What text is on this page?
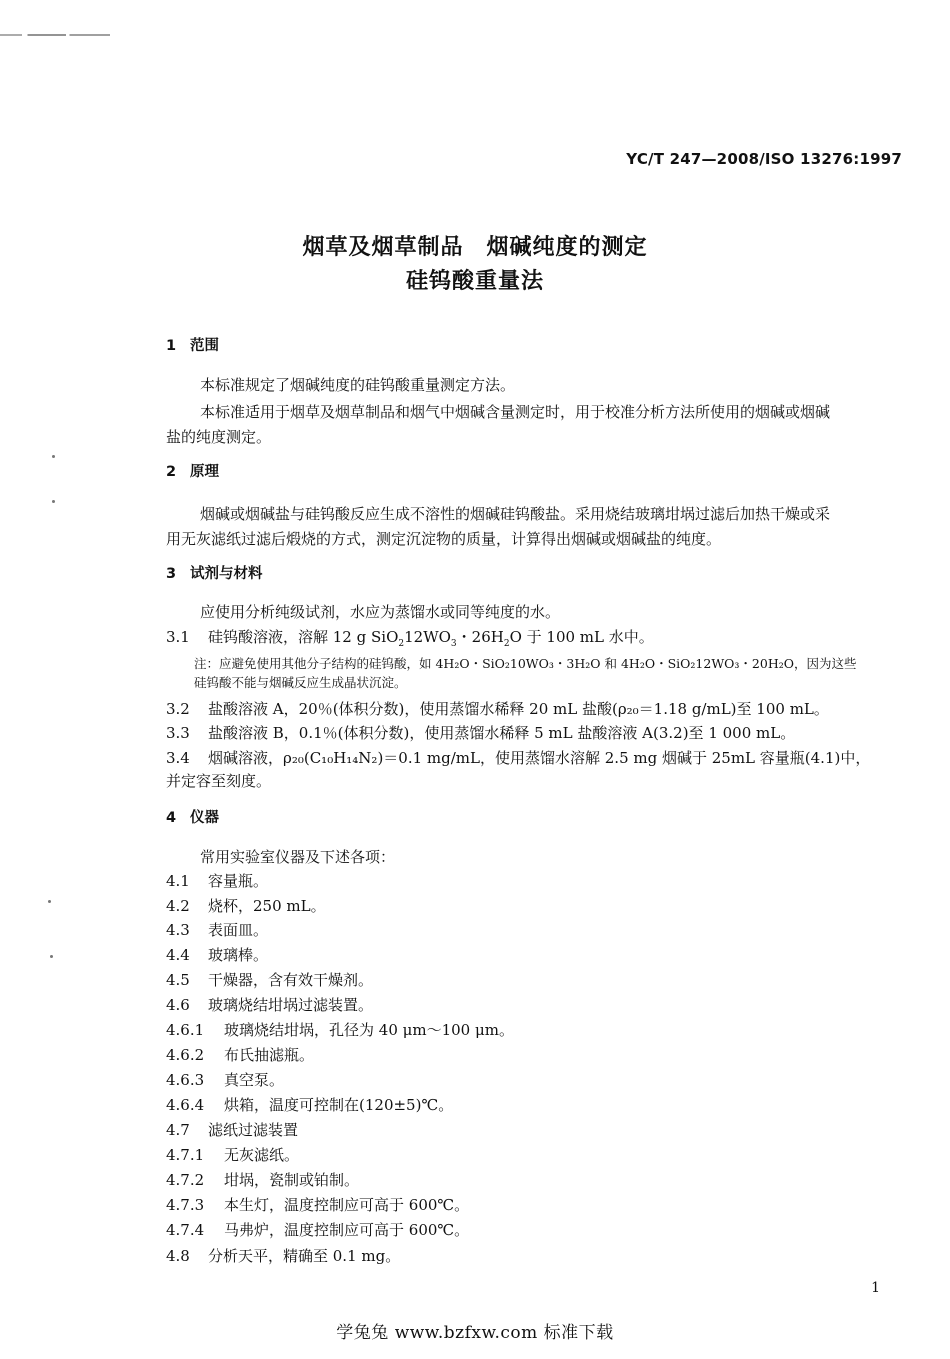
YC/T 247—2008/ISO 13276:1997
烟草及烟草制品　烟碱纯度的测定
硅钨酸重量法
1 范围
本标准规定了烟碱纯度的硅钨酸重量测定方法。
本标准适用于烟草及烟草制品和烟气中烟碱含量测定时，用于校准分析方法所使用的烟碱或烟碱
盐的纯度测定。
2 原理
烟碱或烟碱盐与硅钨酸反应生成不溶性的烟碱硅钨酸盐。采用烧结玻璃坩埚过滤后加热干燥或采
用无灰滤纸过滤后煅烧的方式，测定沉淀物的质量，计算得出烟碱或烟碱盐的纯度。
3 试剂与材料
应使用分析纯级试剂，水应为蒸馏水或同等纯度的水。
3.1 硅钨酸溶液，溶解 12 g $SiO_212WO_3$・$26H_2O$ 于 100 mL 水中。
注：应避免使用其他分子结构的硅钨酸，如 4H₂O・SiO₂10WO₃・3H₂O 和 4H₂O・SiO₂12WO₃・20H₂O，因为这些
硅钨酸不能与烟碱反应生成晶状沉淀。
3.2 盐酸溶液 A，20％(体积分数)，使用蒸馏水稀释 20 mL 盐酸(ρ₂₀＝1.18 g/mL)至 100 mL。
3.3 盐酸溶液 B，0.1％(体积分数)，使用蒸馏水稀释 5 mL 盐酸溶液 A(3.2)至 1 000 mL。
3.4 烟碱溶液，ρ₂₀(C₁₀H₁₄N₂)＝0.1 mg/mL，使用蒸馏水溶解 2.5 mg 烟碱于 25mL 容量瓶(4.1)中，
并定容至刻度。
4 仪器
常用实验室仪器及下述各项：
4.1 容量瓶。
4.2 烧杯，250 mL。
4.3 表面皿。
4.4 玻璃棒。
4.5 干燥器，含有效干燥剂。
4.6 玻璃烧结坩埚过滤装置。
4.6.1 玻璃烧结坩埚，孔径为 40 μm～100 μm。
4.6.2 布氏抽滤瓶。
4.6.3 真空泵。
4.6.4 烘箱，温度可控制在(120±5)℃。
4.7 滤纸过滤装置
4.7.1 无灰滤纸。
4.7.2 坩埚，瓷制或铂制。
4.7.3 本生灯，温度控制应可高于 600℃。
4.7.4 马弗炉，温度控制应可高于 600℃。
4.8 分析天平，精确至 0.1 mg。
1
学兔兔 www.bzfxw.com 标准下载
